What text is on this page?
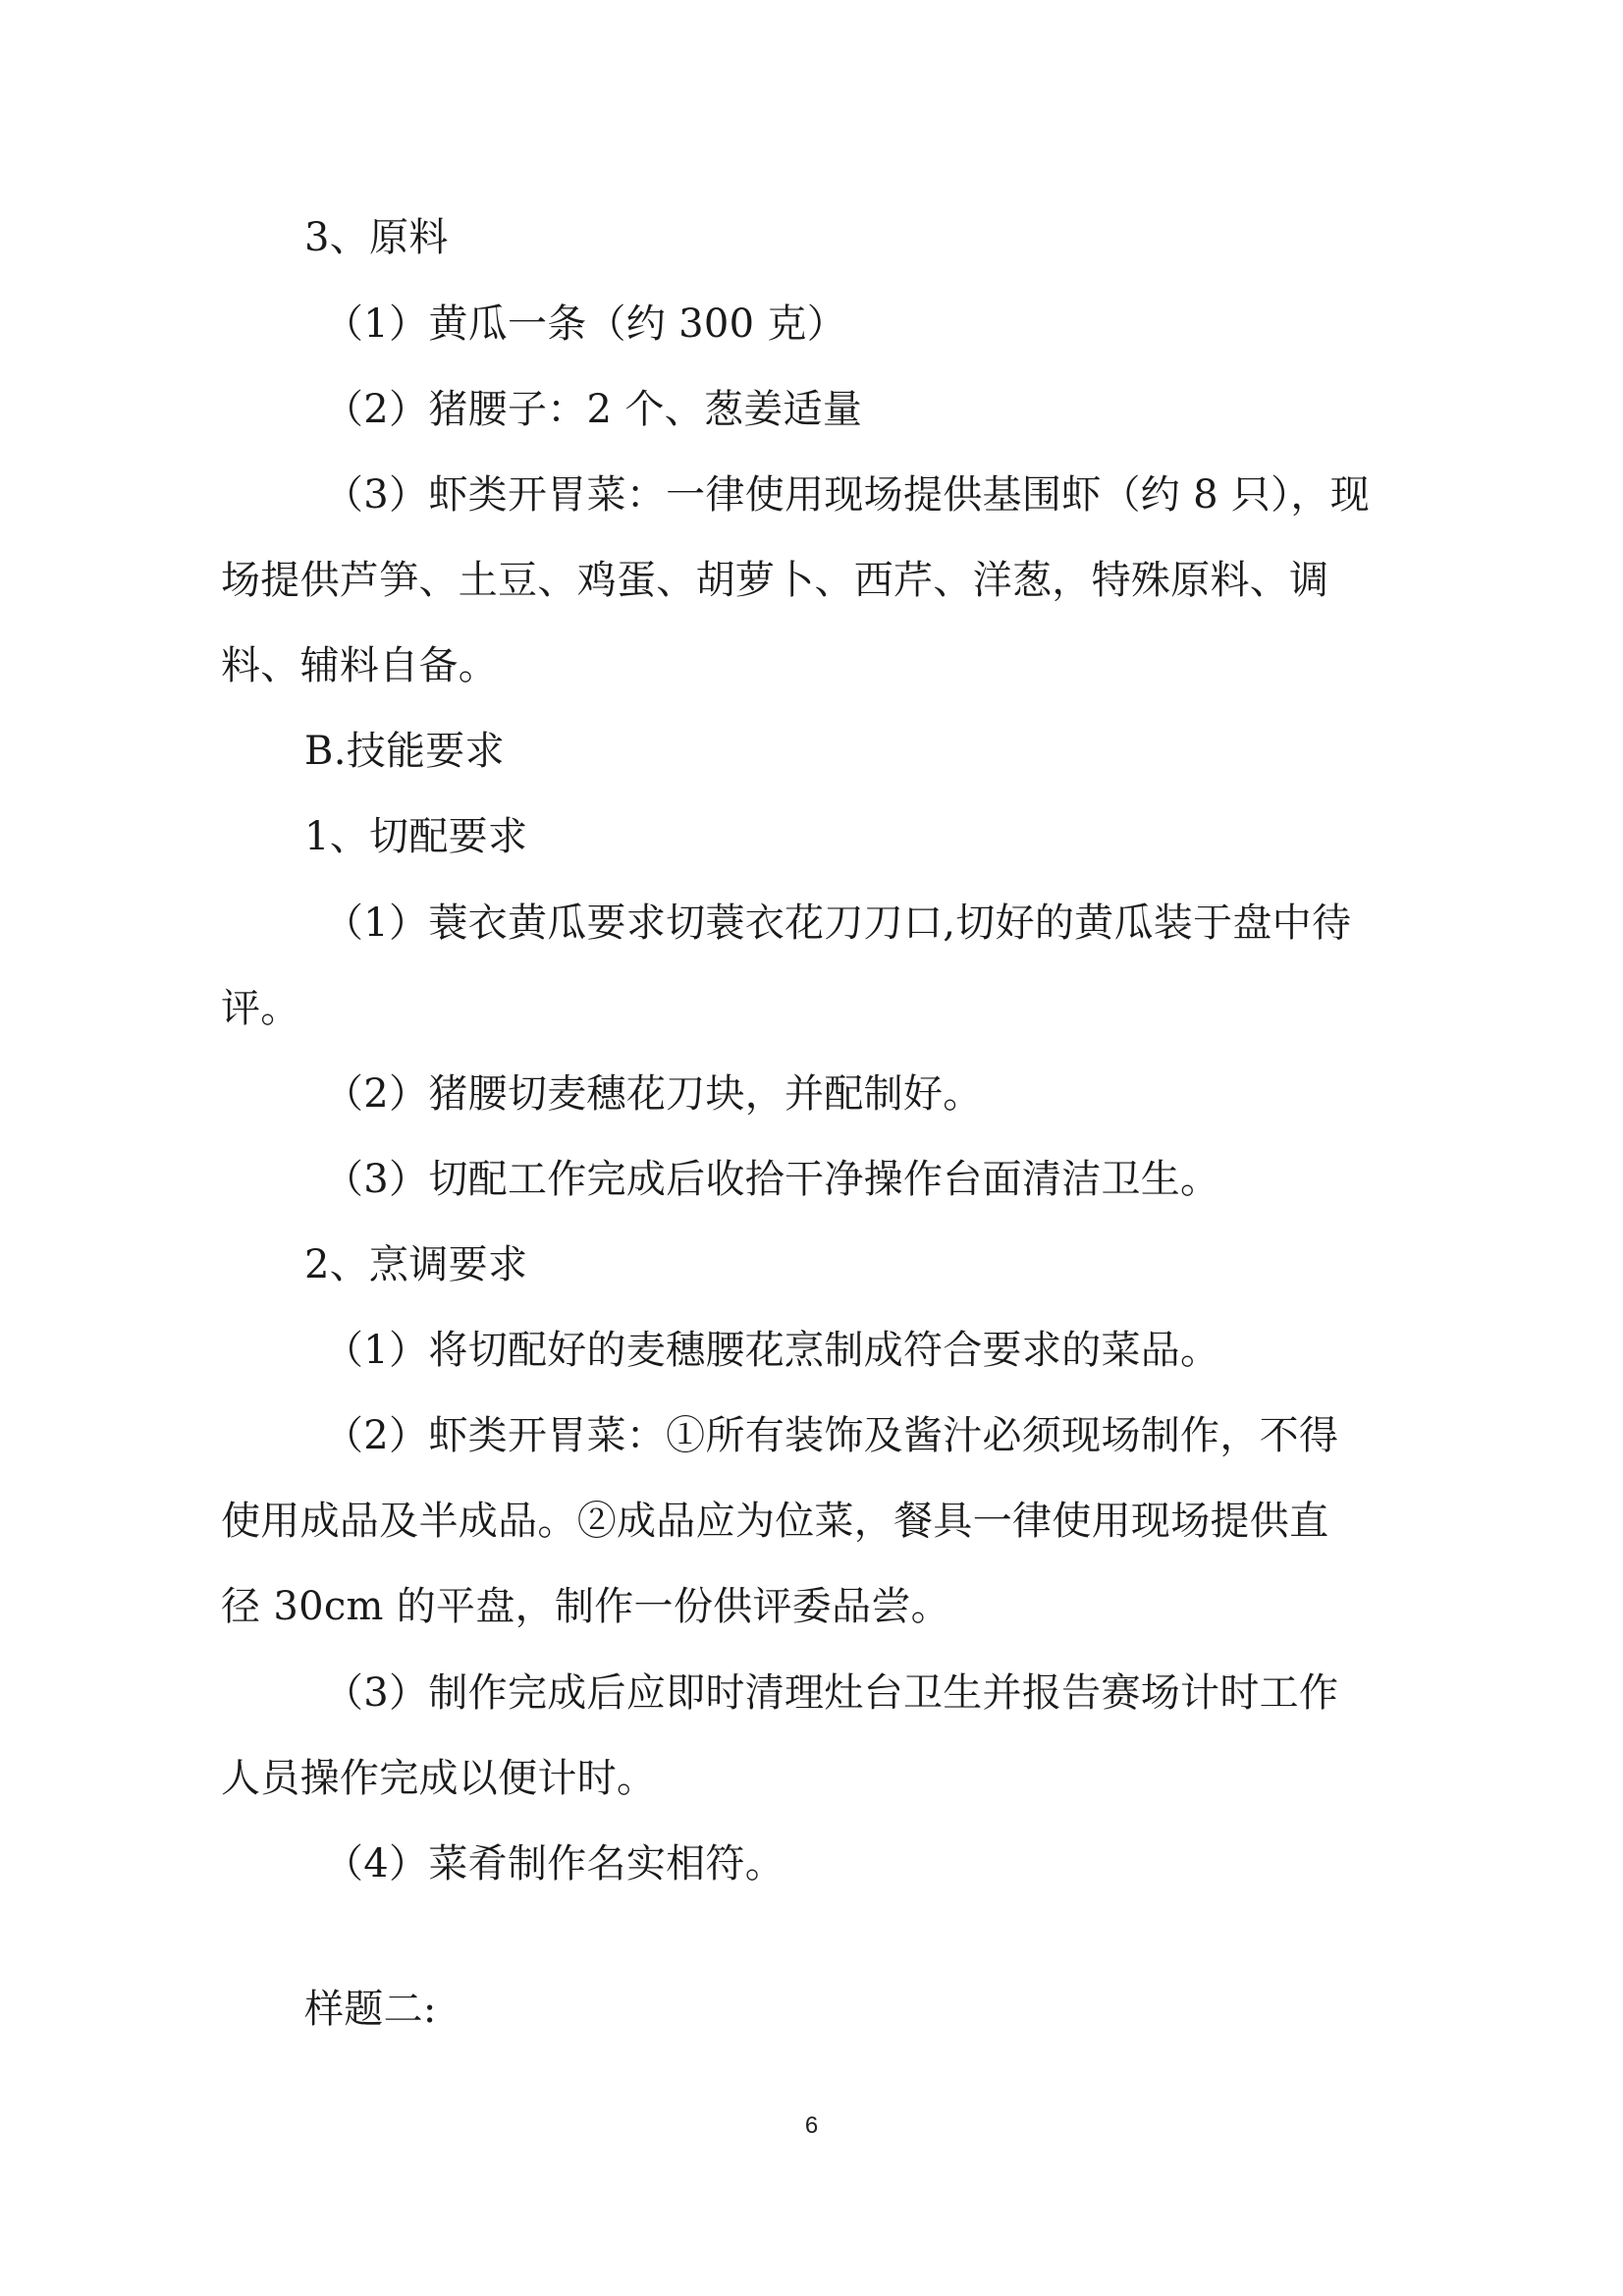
3、原料
（1）黄瓜一条（约 300 克）
（2）猪腰子：2 个、葱姜适量
（3）虾类开胃菜：一律使用现场提供基围虾（约 8 只），现
场提供芦笋、土豆、鸡蛋、胡萝卜、西芹、洋葱，特殊原料、调
料、辅料自备。
B.技能要求
1、切配要求
（1）蓑衣黄瓜要求切蓑衣花刀刀口,切好的黄瓜装于盘中待
评。
（2）猪腰切麦穗花刀块，并配制好。
（3）切配工作完成后收拾干净操作台面清洁卫生。
2、烹调要求
（1）将切配好的麦穗腰花烹制成符合要求的菜品。
（2）虾类开胃菜：①所有装饰及酱汁必须现场制作，不得
使用成品及半成品。②成品应为位菜，餐具一律使用现场提供直
径 30cm 的平盘，制作一份供评委品尝。
（3）制作完成后应即时清理灶台卫生并报告赛场计时工作
人员操作完成以便计时。
（4）菜肴制作名实相符。
样题二:
6
